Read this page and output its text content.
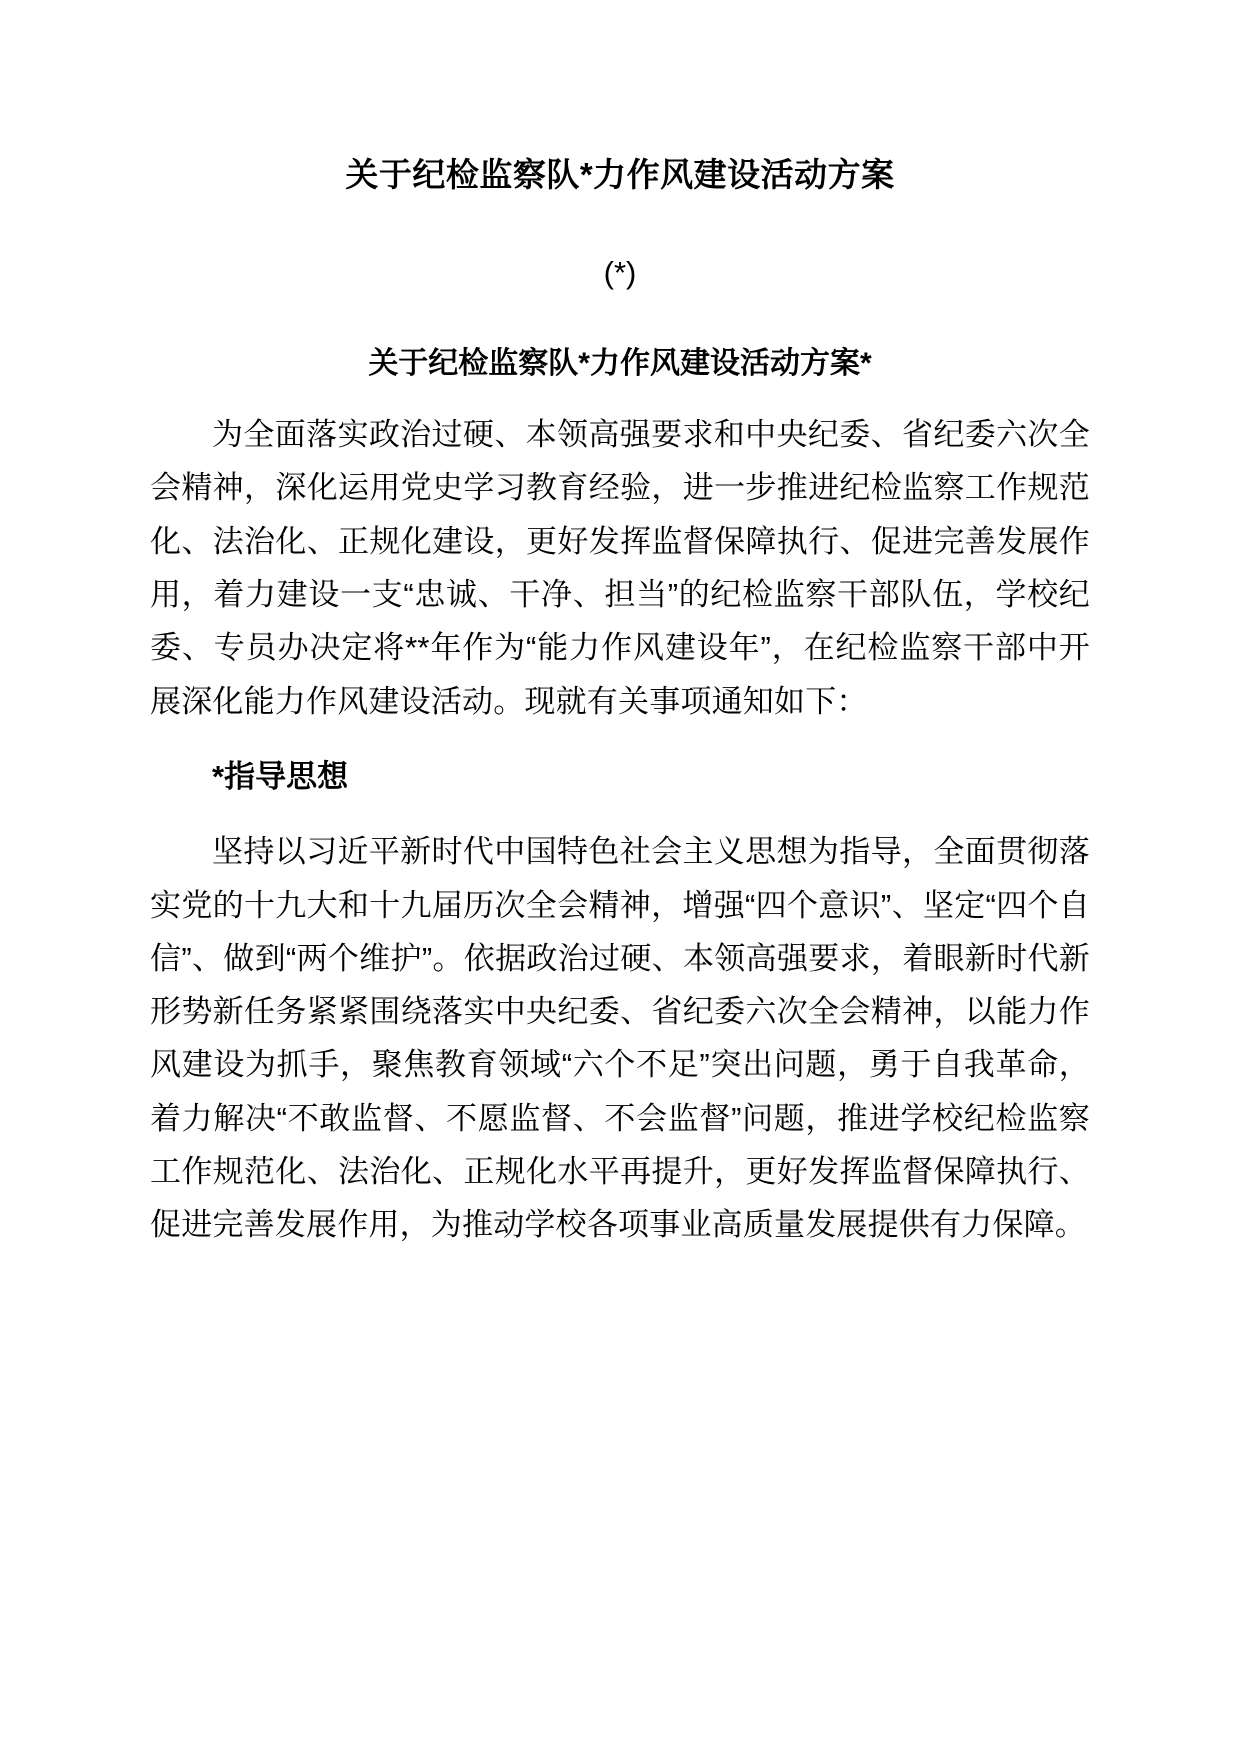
关于纪检监察队*力作风建设活动方案
(*)
关于纪检监察队*力作风建设活动方案*

为全面落实政治过硬、本领高强要求和中央纪委、省纪委六次全会精神，深化运用党史学习教育经验，进一步推进纪检监察工作规范化、法治化、正规化建设，更好发挥监督保障执行、促进完善发展作用，着力建设一支“忠诚、干净、担当”的纪检监察干部队伍，学校纪委、专员办决定将**年作为“能力作风建设年”，在纪检监察干部中开展深化能力作风建设活动。现就有关事项通知如下：

*指导思想

坚持以习近平新时代中国特色社会主义思想为指导，全面贯彻落实党的十九大和十九届历次全会精神，增强“四个意识”、坚定“四个自信”、做到“两个维护”。依据政治过硬、本领高强要求，着眼新时代新形势新任务紧紧围绕落实中央纪委、省纪委六次全会精神，以能力作风建设为抓手，聚焦教育领域“六个不足”突出问题，勇于自我革命，着力解决“不敢监督、不愿监督、不会监督”问题，推进学校纪检监察工作规范化、法治化、正规化水平再提升，更好发挥监督保障执行、促进完善发展作用，为推动学校各项事业高质量发展提供有力保障。
